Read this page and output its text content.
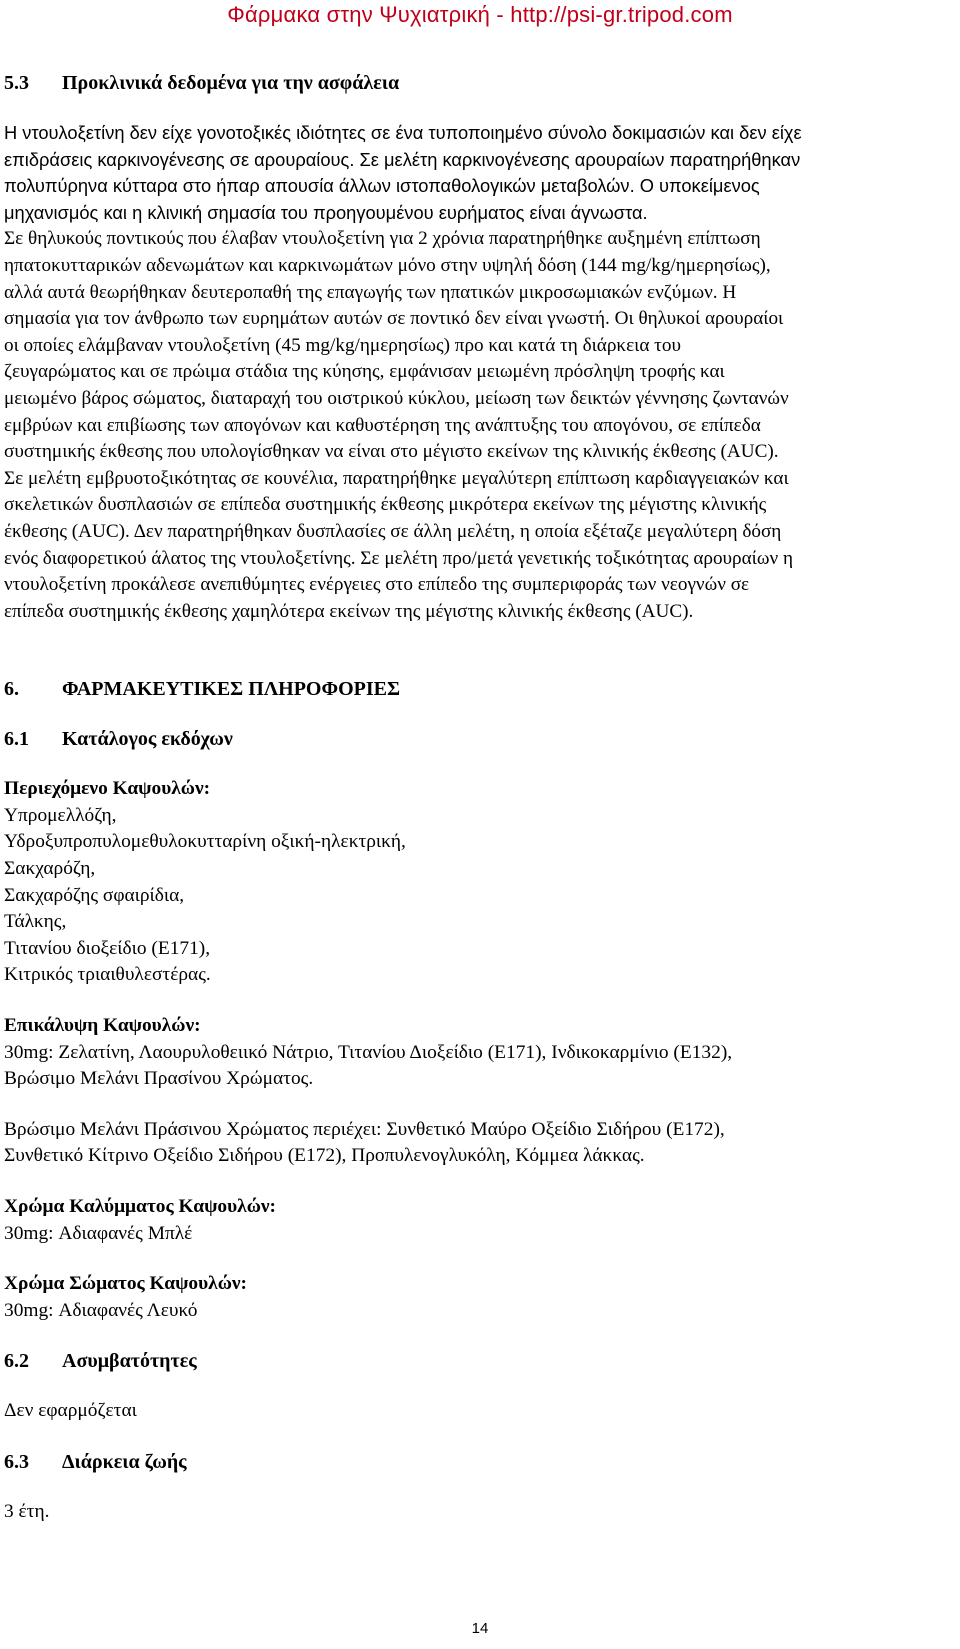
Φάρμακα στην Ψυχιατρική - http://psi-gr.tripod.com
5.3 Προκλινικά δεδομένα για την ασφάλεια
Η ντουλοξετίνη δεν είχε γονοτοξικές ιδιότητες σε ένα τυποποιημένο σύνολο δοκιμασιών και δεν είχε
επιδράσεις καρκινογένεσης σε αρουραίους. Σε μελέτη καρκινογένεσης αρουραίων παρατηρήθηκαν
πολυπύρηνα κύτταρα στο ήπαρ απουσία άλλων ιστοπαθολογικών μεταβολών. Ο υποκείμενος
μηχανισμός και η κλινική σημασία του προηγουμένου ευρήματος είναι άγνωστα.
Σε θηλυκούς ποντικούς που έλαβαν ντουλοξετίνη για 2 χρόνια παρατηρήθηκε αυξημένη επίπτωση
ηπατοκυτταρικών αδενωμάτων και καρκινωμάτων μόνο στην υψηλή δόση (144 mg/kg/ημερησίως),
αλλά αυτά θεωρήθηκαν δευτεροπαθή της επαγωγής των ηπατικών μικροσωμιακών ενζύμων. Η
σημασία για τον άνθρωπο των ευρημάτων αυτών σε ποντικό δεν είναι γνωστή. Οι θηλυκοί αρουραίοι
οι οποίες ελάμβαναν ντουλοξετίνη (45 mg/kg/ημερησίως) προ και κατά τη διάρκεια του
ζευγαρώματος και σε πρώιμα στάδια της κύησης, εμφάνισαν μειωμένη πρόσληψη τροφής και
μειωμένο βάρος σώματος, διαταραχή του οιστρικού κύκλου, μείωση των δεικτών γέννησης ζωντανών
εμβρύων και επιβίωσης των απογόνων και καθυστέρηση της ανάπτυξης του απογόνου, σε επίπεδα
συστημικής έκθεσης που υπολογίσθηκαν να είναι στο μέγιστο εκείνων της κλινικής έκθεσης (AUC).
Σε μελέτη εμβρυοτοξικότητας σε κουνέλια, παρατηρήθηκε μεγαλύτερη επίπτωση καρδιαγγειακών και
σκελετικών δυσπλασιών σε επίπεδα συστημικής έκθεσης μικρότερα εκείνων της μέγιστης κλινικής
έκθεσης (AUC). Δεν παρατηρήθηκαν δυσπλασίες σε άλλη μελέτη, η οποία εξέταζε μεγαλύτερη δόση
ενός διαφορετικού άλατος της ντουλοξετίνης. Σε μελέτη προ/μετά γενετικής τοξικότητας αρουραίων η
ντουλοξετίνη προκάλεσε ανεπιθύμητες ενέργειες στο επίπεδο της συμπεριφοράς των νεογνών σε
επίπεδα συστημικής έκθεσης χαμηλότερα εκείνων της μέγιστης κλινικής έκθεσης (AUC).
6. ΦΑΡΜΑΚΕΥΤΙΚΕΣ ΠΛΗΡΟΦΟΡΙΕΣ
6.1 Κατάλογος εκδόχων
Περιεχόμενο Καψουλών:
Υπρομελλόζη,
Υδροξυπροπυλομεθυλοκυτταρίνη οξική-ηλεκτρική,
Σακχαρόζη,
Σακχαρόζης σφαιρίδια,
Τάλκης,
Τιτανίου διοξείδιο (Ε171),
Κιτρικός τριαιθυλεστέρας.
Επικάλυψη Καψουλών:
30mg: Ζελατίνη, Λαουρυλοθειικό Νάτριο, Τιτανίου Διοξείδιο (Ε171), Ινδικοκαρμίνιο (Ε132),
Βρώσιμο Μελάνι Πρασίνου Χρώματος.
Βρώσιμο Μελάνι Πράσινου Χρώματος περιέχει: Συνθετικό Μαύρο Οξείδιο Σιδήρου (Ε172),
Συνθετικό Κίτρινο Οξείδιο Σιδήρου (Ε172), Προπυλενογλυκόλη, Κόμμεα λάκκας.
Χρώμα Καλύμματος Καψουλών:
30mg: Αδιαφανές Μπλέ
Χρώμα Σώματος Καψουλών:
30mg: Αδιαφανές Λευκό
6.2 Ασυμβατότητες
Δεν εφαρμόζεται
6.3 Διάρκεια ζωής
3 έτη.
14
